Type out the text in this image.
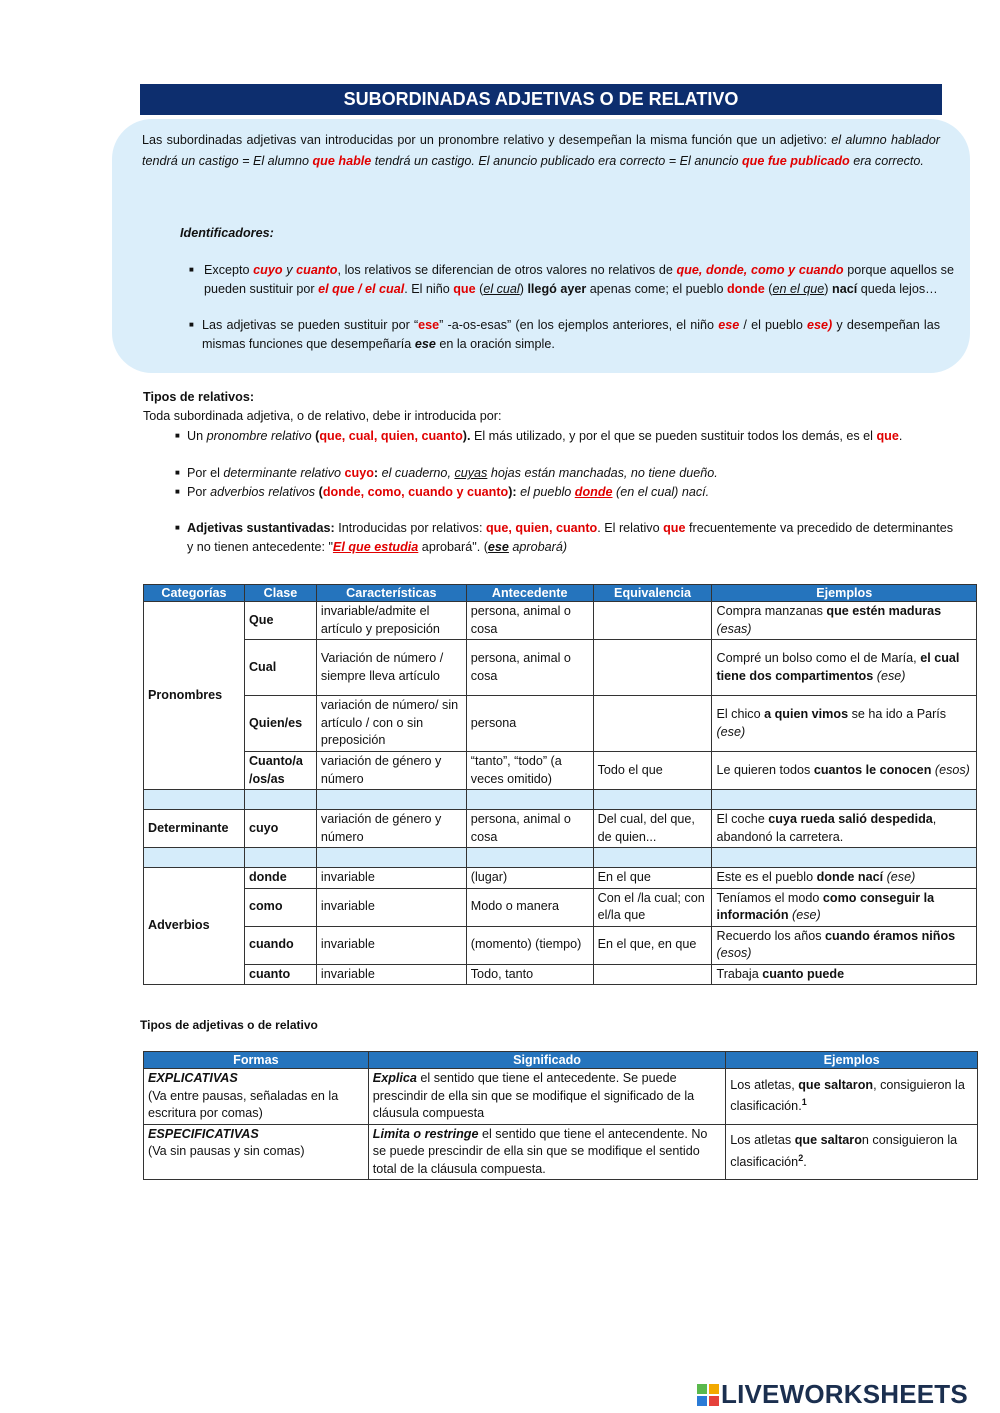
SUBORDINADAS ADJETIVAS O DE RELATIVO
Las subordinadas adjetivas van introducidas por un pronombre relativo y desempeñan la misma función que un adjetivo: el alumno hablador tendrá un castigo = El alumno que hable tendrá un castigo. El anuncio publicado era correcto = El anuncio que fue publicado era correcto.
Identificadores:
■ Excepto cuyo y cuanto, los relativos se diferencian de otros valores no relativos de que, donde, como y cuando porque aquellos se pueden sustituir por el que / el cual. El niño que (el cual) llegó ayer apenas come; el pueblo donde (en el que) nací queda lejos…
■ Las adjetivas se pueden sustituir por “ese” -a-os-esas” (en los ejemplos anteriores, el niño ese / el pueblo ese) y desempeñan las mismas funciones que desempeñaría ese en la oración simple.
Tipos de relativos:
Toda subordinada adjetiva, o de relativo, debe ir introducida por:
■ Un pronombre relativo (que, cual, quien, cuanto). El más utilizado, y por el que se pueden sustituir todos los demás, es el que.
■ Por el determinante relativo cuyo: el cuaderno, cuyas hojas están manchadas, no tiene dueño.
■ Por adverbios relativos (donde, como, cuando y cuanto): el pueblo donde (en el cual) nací.
■ Adjetivas sustantivadas: Introducidas por relativos: que, quien, cuanto. El relativo que frecuentemente va precedido de determinantes y no tienen antecedente: "El que estudia aprobará". (ese aprobará)
Categorías	Clase	Características	Antecedente	Equivalencia	Ejemplos
Pronombres	Que	invariable/admite el artículo y preposición	persona, animal o cosa		Compra manzanas que estén maduras (esas)
	Cual	Variación de número / siempre lleva artículo	persona, animal o cosa		Compré un bolso como el de María, el cual tiene dos compartimentos (ese)
	Quien/es	variación de número/ sin artículo / con o sin preposición	persona		El chico a quien vimos se ha ido a París (ese)
	Cuanto/a /os/as	variación de género y número	“tanto”, “todo” (a veces omitido)	Todo el que	Le quieren todos cuantos le conocen (esos)

Determinante	cuyo	variación de género y número	persona, animal o cosa	Del cual, del que, de quien...	El coche cuya rueda salió despedida, abandonó la carretera.

Adverbios	donde	invariable	(lugar)	En el que	Este es el pueblo donde nací (ese)
	como	invariable	Modo o manera	Con el /la cual; con el/la que	Teníamos el modo como conseguir la información (ese)
	cuando	invariable	(momento) (tiempo)	En el que, en que	Recuerdo los años cuando éramos niños (esos)
	cuanto	invariable	Todo, tanto		Trabaja cuanto puede
Tipos de adjetivas o de relativo
Formas	Significado	Ejemplos
EXPLICATIVAS
(Va entre pausas, señaladas en la escritura por comas)	Explica el sentido que tiene el antecedente. Se puede prescindir de ella sin que se modifique el significado de la cláusula compuesta	Los atletas, que saltaron, consiguieron la clasificación.$^1$
ESPECIFICATIVAS
(Va sin pausas y sin comas)	Limita o restringe el sentido que tiene el antecendente. No se puede prescindir de ella sin que se modifique el sentido total de la cláusula compuesta.	Los atletas que saltaron consiguieron la clasificación$^2$.
LIVEWORKSHEETS
